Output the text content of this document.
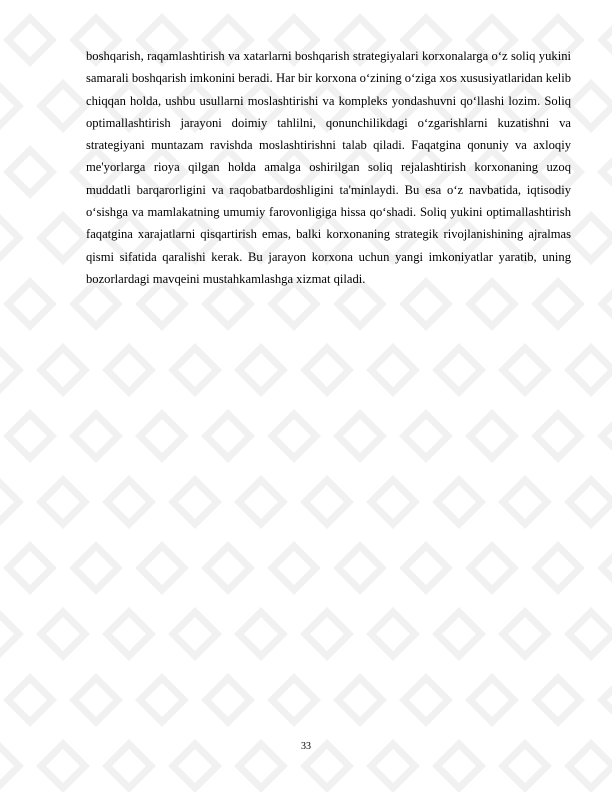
boshqarish, raqamlashtirish va xatarlarni boshqarish strategiyalari korxonalarga o‘z soliq yukini samarali boshqarish imkonini beradi. Har bir korxona o‘zining o‘ziga xos xususiyatlaridan kelib chiqqan holda, ushbu usullarni moslashtirishi va kompleks yondashuvni qo‘llashi lozim. Soliq optimallashtirish jarayoni doimiy tahlilni, qonunchilikdagi o‘zgarishlarni kuzatishni va strategiyani muntazam ravishda moslashtirishni talab qiladi. Faqatgina qonuniy va axloqiy me'yorlarga rioya qilgan holda amalga oshirilgan soliq rejalashtirish korxonaning uzoq muddatli barqarorligini va raqobatbardoshligini ta'minlaydi. Bu esa o‘z navbatida, iqtisodiy o‘sishga va mamlakatning umumiy farovonligiga hissa qo‘shadi. Soliq yukini optimallashtirish faqatgina xarajatlarni qisqartirish emas, balki korxonaning strategik rivojlanishining ajralmas qismi sifatida qaralishi kerak. Bu jarayon korxona uchun yangi imkoniyatlar yaratib, uning bozorlardagi mavqeini mustahkamlashga xizmat qiladi.

33
